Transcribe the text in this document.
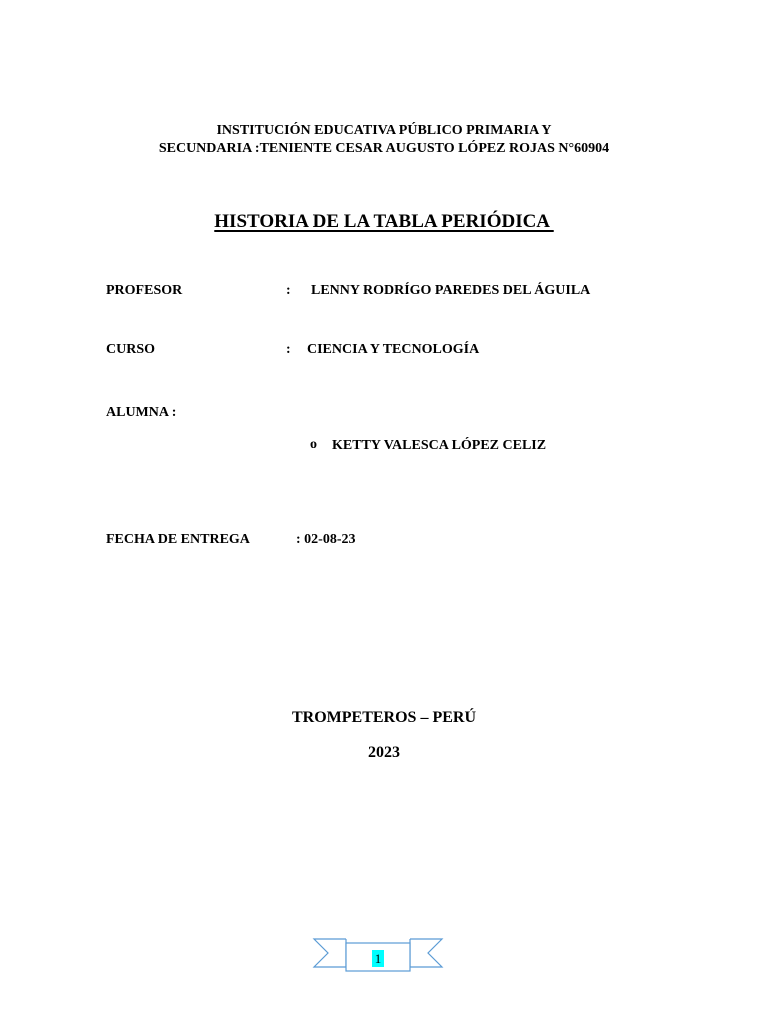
INSTITUCIÓN EDUCATIVA PÚBLICO PRIMARIA Y
SECUNDARIA :TENIENTE CESAR AUGUSTO LÓPEZ ROJAS N°60904
HISTORIA DE LA TABLA PERIÓDICA
PROFESOR	: LENNY RODRÍGO PAREDES DEL ÁGUILA
CURSO	: CIENCIA Y TECNOLOGÍA
ALUMNA :
o KETTY VALESCA LÓPEZ CELIZ
FECHA DE ENTREGA	: 02-08-23
TROMPETEROS – PERÚ
2023
1
